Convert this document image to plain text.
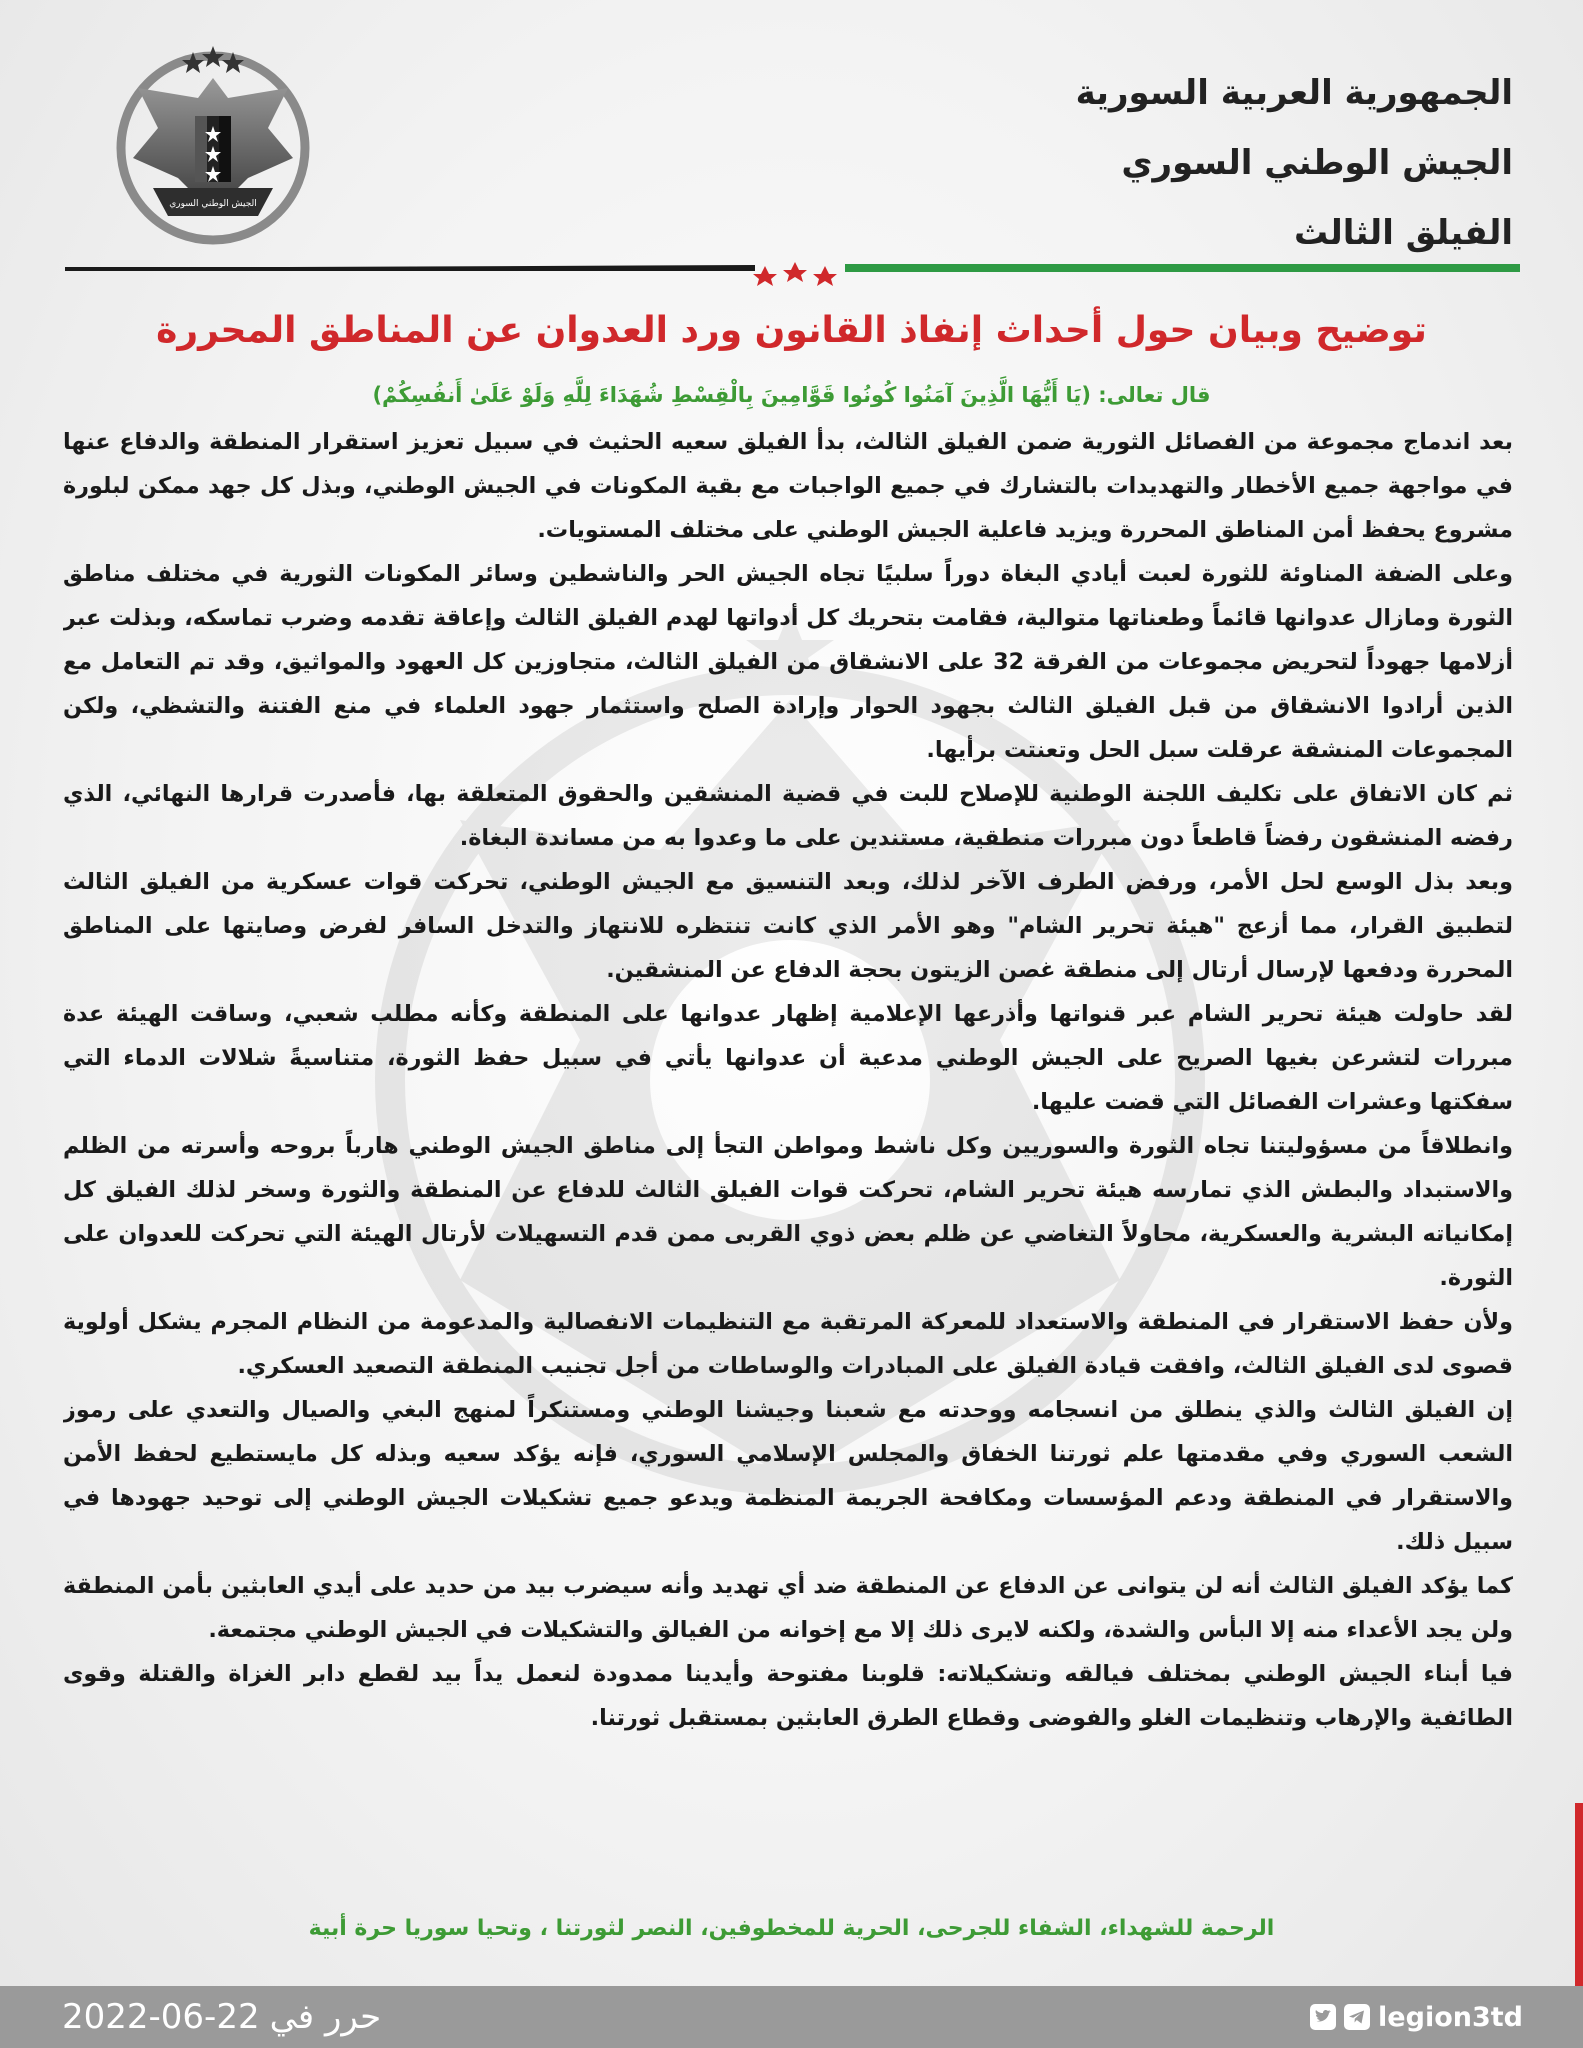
الجيش الوطني السوري
الجمهورية العربية السورية
الجيش الوطني السوري
الفيلق الثالث
توضيح وبيان حول أحداث إنفاذ القانون ورد العدوان عن المناطق المحررة
قال تعالى: (يَا أَيُّهَا الَّذِينَ آمَنُوا كُونُوا قَوَّامِينَ بِالْقِسْطِ شُهَدَاءَ لِلَّهِ وَلَوْ عَلَىٰ أَنفُسِكُمْ)

بعد اندماج مجموعة من الفصائل الثورية ضمن الفيلق الثالث، بدأ الفيلق سعيه الحثيث في سبيل تعزيز استقرار المنطقة والدفاع عنها في مواجهة جميع الأخطار والتهديدات بالتشارك في جميع الواجبات مع بقية المكونات في الجيش الوطني، وبذل كل جهد ممكن لبلورة مشروع يحفظ أمن المناطق المحررة ويزيد فاعلية الجيش الوطني على مختلف المستويات.

وعلى الضفة المناوئة للثورة لعبت أيادي البغاة دوراً سلبيًا تجاه الجيش الحر والناشطين وسائر المكونات الثورية في مختلف مناطق الثورة ومازال عدوانها قائماً وطعناتها متوالية، فقامت بتحريك كل أدواتها لهدم الفيلق الثالث وإعاقة تقدمه وضرب تماسكه، وبذلت عبر أزلامها جهوداً لتحريض مجموعات من الفرقة 32 على الانشقاق من الفيلق الثالث، متجاوزين كل العهود والمواثيق، وقد تم التعامل مع الذين أرادوا الانشقاق من قبل الفيلق الثالث بجهود الحوار وإرادة الصلح واستثمار جهود العلماء في منع الفتنة والتشظي، ولكن المجموعات المنشقة عرقلت سبل الحل وتعنتت برأيها.

ثم كان الاتفاق على تكليف اللجنة الوطنية للإصلاح للبت في قضية المنشقين والحقوق المتعلقة بها، فأصدرت قرارها النهائي، الذي رفضه المنشقون رفضاً قاطعاً دون مبررات منطقية، مستندين على ما وعدوا به من مساندة البغاة.

وبعد بذل الوسع لحل الأمر، ورفض الطرف الآخر لذلك، وبعد التنسيق مع الجيش الوطني، تحركت قوات عسكرية من الفيلق الثالث لتطبيق القرار، مما أزعج "هيئة تحرير الشام" وهو الأمر الذي كانت تنتظره للانتهاز والتدخل السافر لفرض وصايتها على المناطق المحررة ودفعها لإرسال أرتال إلى منطقة غصن الزيتون بحجة الدفاع عن المنشقين.

لقد حاولت هيئة تحرير الشام عبر قنواتها وأذرعها الإعلامية إظهار عدوانها على المنطقة وكأنه مطلب شعبي، وساقت الهيئة عدة مبررات لتشرعن بغيها الصريح على الجيش الوطني مدعية أن عدوانها يأتي في سبيل حفظ الثورة، متناسيةً شلالات الدماء التي سفكتها وعشرات الفصائل التي قضت عليها.

وانطلاقاً من مسؤوليتنا تجاه الثورة والسوريين وكل ناشط ومواطن التجأ إلى مناطق الجيش الوطني هارباً بروحه وأسرته من الظلم والاستبداد والبطش الذي تمارسه هيئة تحرير الشام، تحركت قوات الفيلق الثالث للدفاع عن المنطقة والثورة وسخر لذلك الفيلق كل إمكانياته البشرية والعسكرية، محاولاً التغاضي عن ظلم بعض ذوي القربى ممن قدم التسهيلات لأرتال الهيئة التي تحركت للعدوان على الثورة.

ولأن حفظ الاستقرار في المنطقة والاستعداد للمعركة المرتقبة مع التنظيمات الانفصالية والمدعومة من النظام المجرم يشكل أولوية قصوى لدى الفيلق الثالث، وافقت قيادة الفيلق على المبادرات والوساطات من أجل تجنيب المنطقة التصعيد العسكري.

إن الفيلق الثالث والذي ينطلق من انسجامه ووحدته مع شعبنا وجيشنا الوطني ومستنكراً لمنهج البغي والصيال والتعدي على رموز الشعب السوري وفي مقدمتها علم ثورتنا الخفاق والمجلس الإسلامي السوري، فإنه يؤكد سعيه وبذله كل مايستطيع لحفظ الأمن والاستقرار في المنطقة ودعم المؤسسات ومكافحة الجريمة المنظمة ويدعو جميع تشكيلات الجيش الوطني إلى توحيد جهودها في سبيل ذلك.

كما يؤكد الفيلق الثالث أنه لن يتوانى عن الدفاع عن المنطقة ضد أي تهديد وأنه سيضرب بيد من حديد على أيدي العابثين بأمن المنطقة ولن يجد الأعداء منه إلا البأس والشدة، ولكنه لايرى ذلك إلا مع إخوانه من الفيالق والتشكيلات في الجيش الوطني مجتمعة.

فيا أبناء الجيش الوطني بمختلف فيالقه وتشكيلاته: قلوبنا مفتوحة وأيدينا ممدودة لنعمل يداً بيد لقطع دابر الغزاة والقتلة وقوى الطائفية والإرهاب وتنظيمات الغلو والفوضى وقطاع الطرق العابثين بمستقبل ثورتنا.

الرحمة للشهداء، الشفاء للجرحى، الحرية للمخطوفين، النصر لثورتنا ، وتحيا سوريا حرة أبية
حرر في
2022-06-22	legion3td
